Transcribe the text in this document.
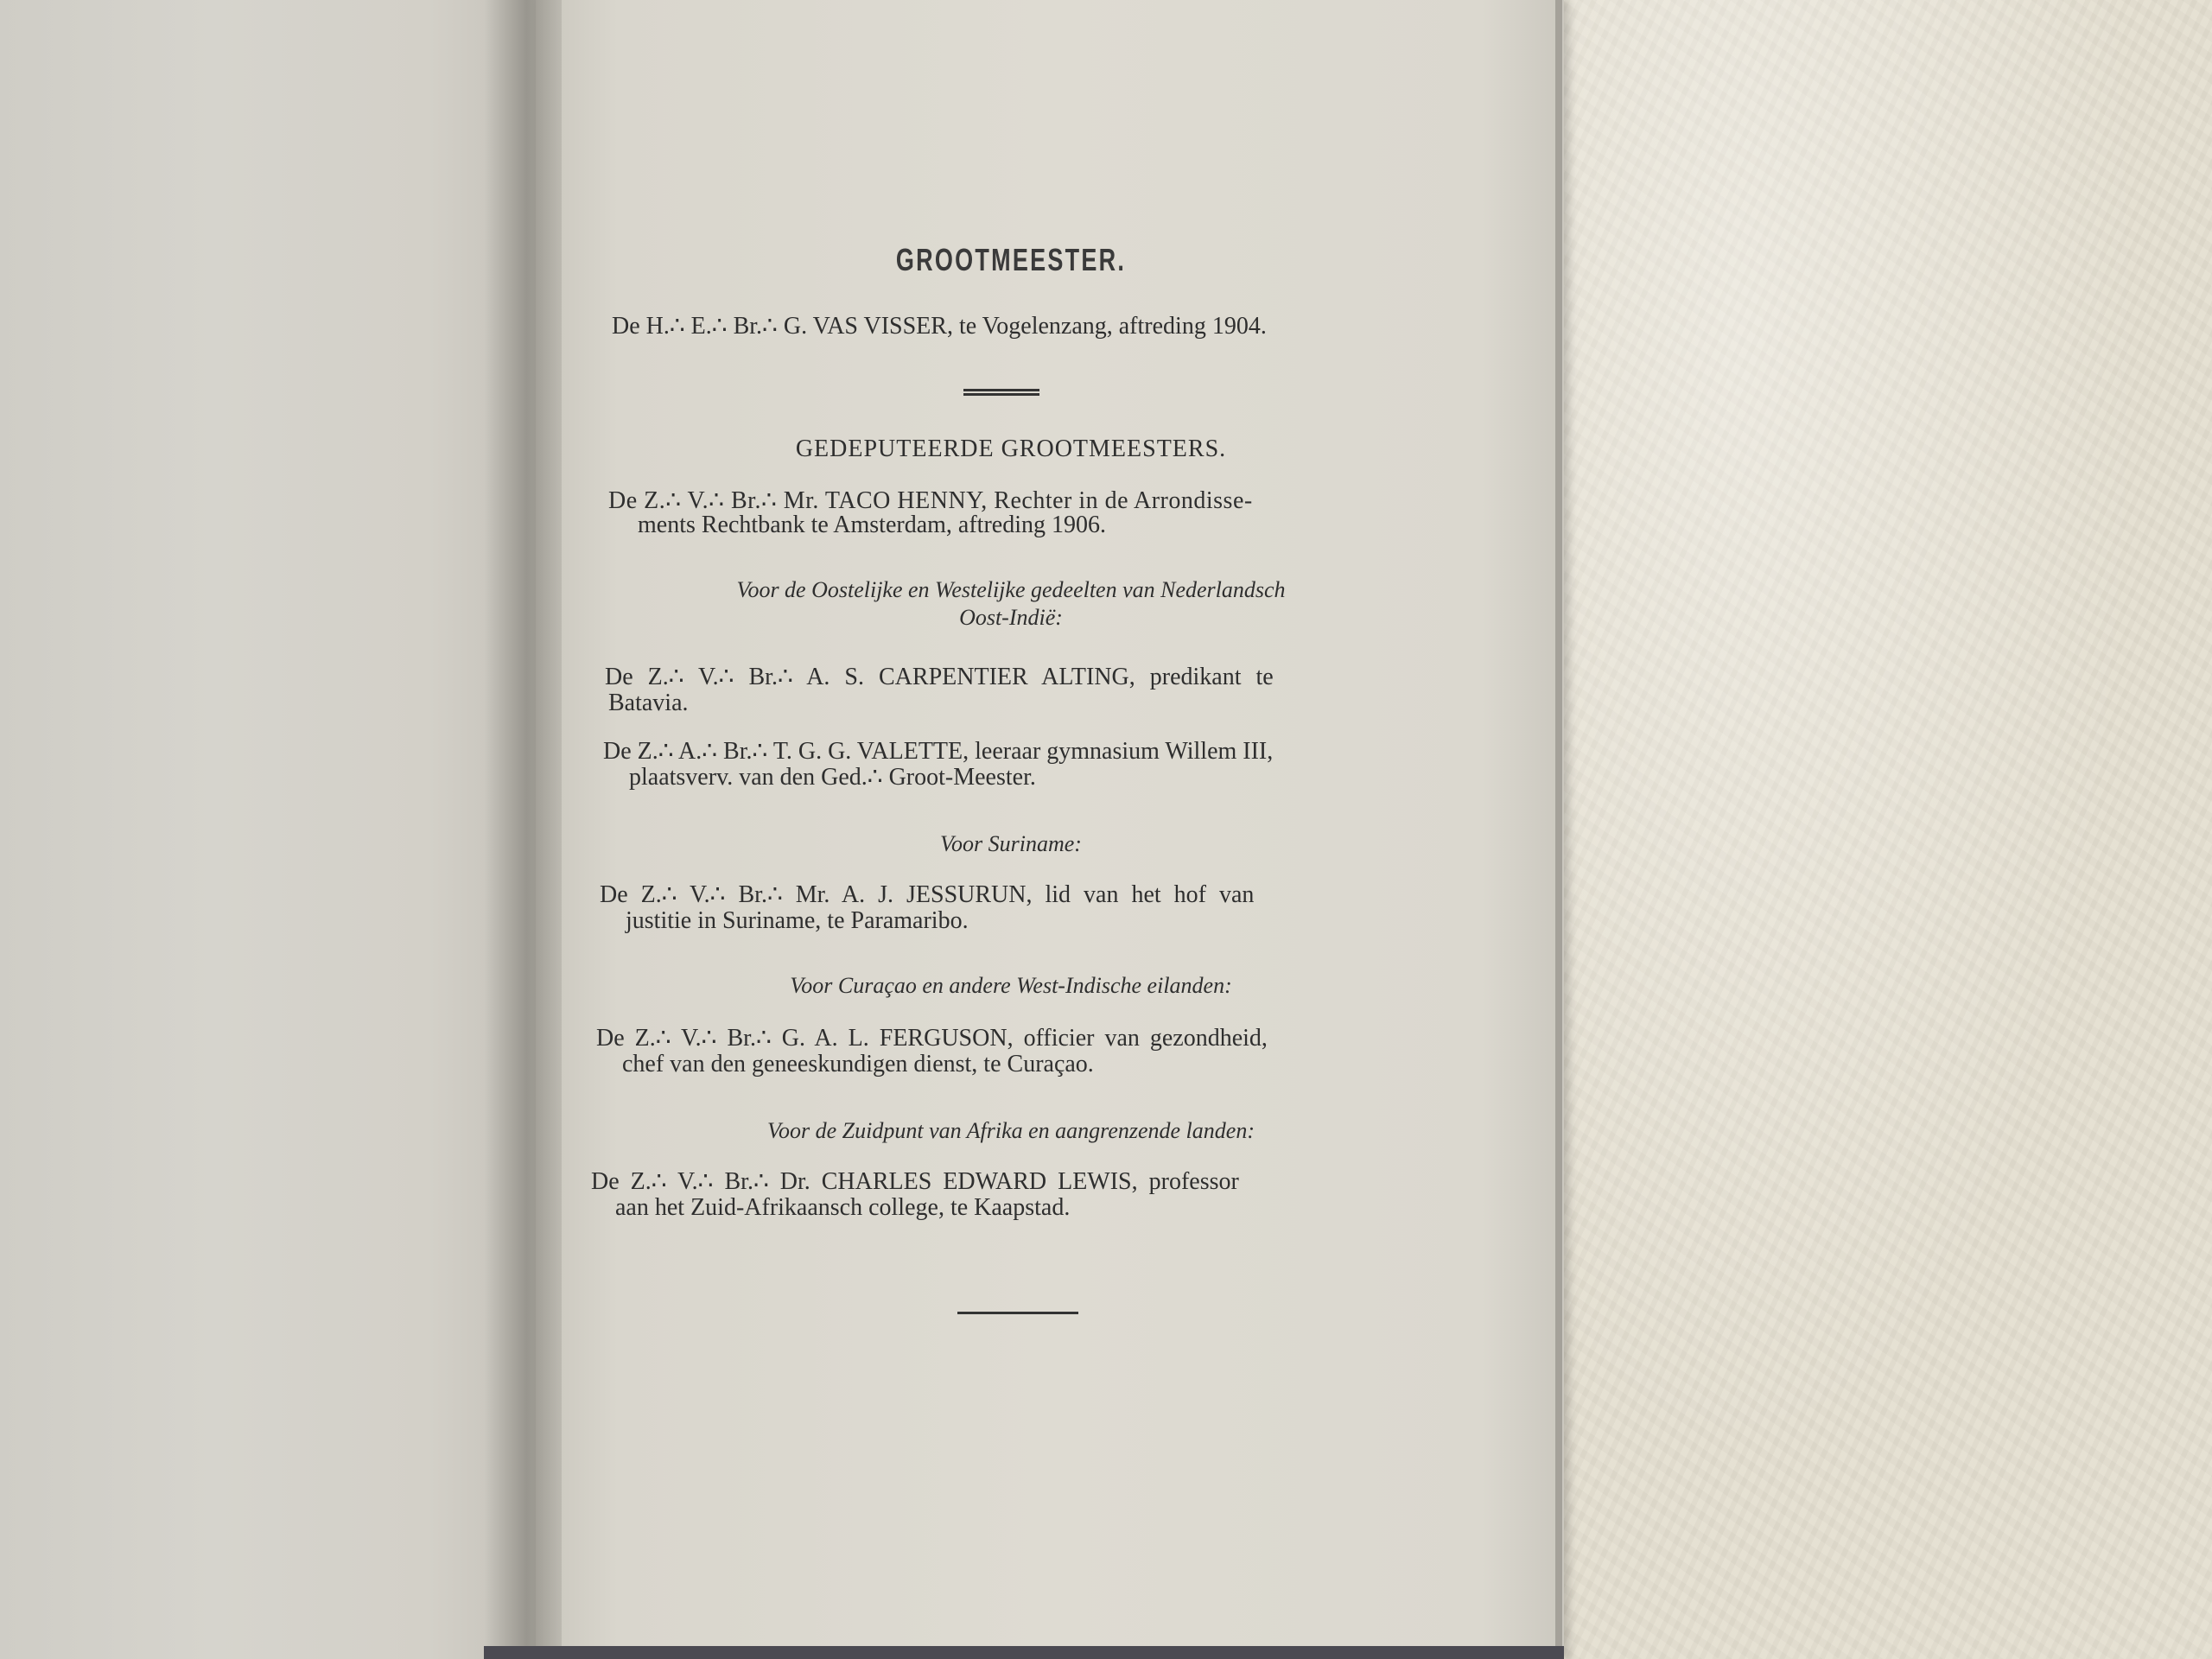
GROOTMEESTER.
De H.∴ E.∴ Br.∴ G. VAS VISSER, te Vogelenzang, aftreding 1904.
GEDEPUTEERDE GROOTMEESTERS.
De Z.∴ V.∴ Br.∴ Mr. TACO HENNY, Rechter in de Arrondisse-
ments Rechtbank te Amsterdam, aftreding 1906.
Voor de Oostelijke en Westelijke gedeelten van Nederlandsch
Oost-Indië:
De Z.∴ V.∴ Br.∴ A. S. CARPENTIER ALTING, predikant te
Batavia.
De Z.∴ A.∴ Br.∴ T. G. G. VALETTE, leeraar gymnasium Willem III,
plaatsverv. van den Ged.∴ Groot-Meester.
Voor Suriname:
De Z.∴ V.∴ Br.∴ Mr. A. J. JESSURUN, lid van het hof van
justitie in Suriname, te Paramaribo.
Voor Curaçao en andere West-Indische eilanden:
De Z.∴ V.∴ Br.∴ G. A. L. FERGUSON, officier van gezondheid,
chef van den geneeskundigen dienst, te Curaçao.
Voor de Zuidpunt van Afrika en aangrenzende landen:
De Z.∴ V.∴ Br.∴ Dr. CHARLES EDWARD LEWIS, professor
aan het Zuid-Afrikaansch college, te Kaapstad.
